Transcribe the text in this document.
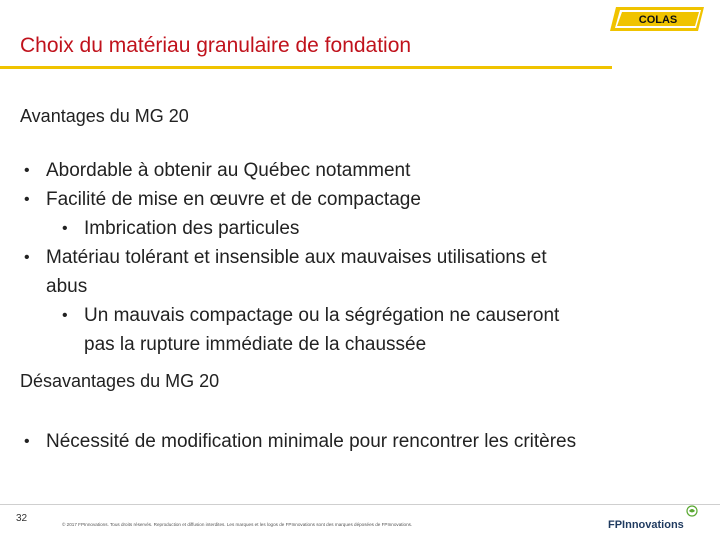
COLAS
Choix du matériau granulaire de fondation
Avantages du MG 20
• Abordable à obtenir au Québec notamment
• Facilité de mise en œuvre et de compactage
• Imbrication des particules
• Matériau tolérant et insensible aux mauvaises utilisations et
abus
• Un mauvais compactage ou la ségrégation ne causeront
pas la rupture immédiate de la chaussée
Désavantages du MG 20
• Nécessité de modification minimale pour rencontrer les critères
32
© 2017 FPInnovations. Tous droits réservés. Reproduction et diffusion interdites. Les marques et les logos de FPInnovations sont des marques déposées de FPInnovations.	FPInnovations
